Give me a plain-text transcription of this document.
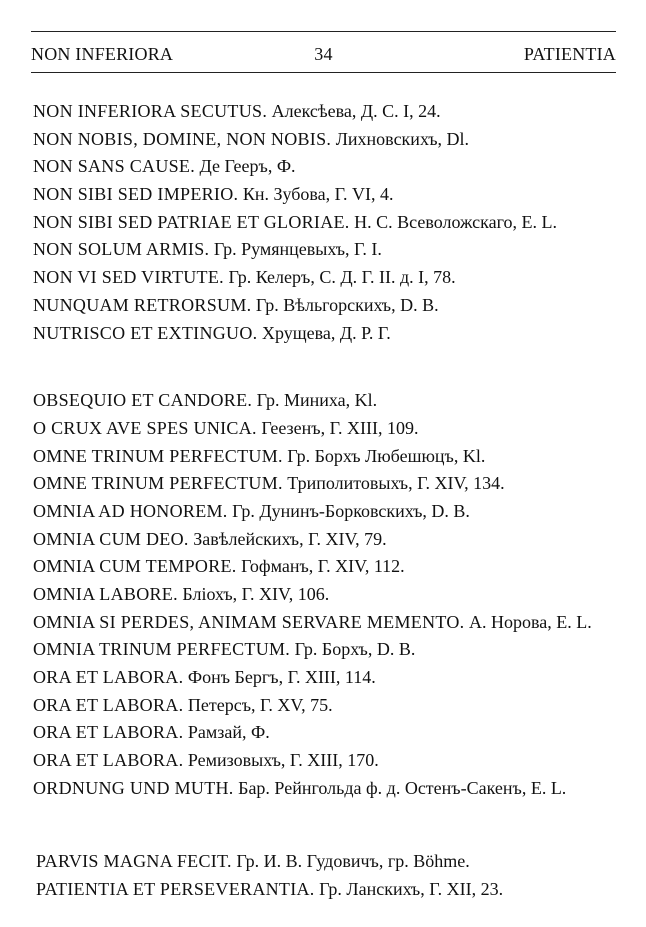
NON INFERIORA	34	PATIENTIA
NON INFERIORA SECUTUS. Алексѣева, Д. С. I, 24.
NON NOBIS, DOMINE, NON NOBIS. Лихновскихъ, Dl.
NON SANS CAUSE. Де Гееръ, Ф.
NON SIBI SED IMPERIO. Кн. Зубова, Г. VI, 4.
NON SIBI SED PATRIAE ET GLORIAE. Н. С. Всеволожскаго, E. L.
NON SOLUM ARMIS. Гр. Румянцевыхъ, Г. I.
NON VI SED VIRTUTE. Гр. Келеръ, С. Д. Г. II. д. I, 78.
NUNQUAM RETRORSUM. Гр. Вѣльгорскихъ, D. B.
NUTRISCO ET EXTINGUO. Хрущева, Д. Р. Г.
OBSEQUIO ET CANDORE. Гр. Миниха, Kl.
O CRUX AVE SPES UNICA. Геезенъ, Г. XIII, 109.
OMNE TRINUM PERFECTUM. Гр. Борхъ Любешюцъ, Kl.
OMNE TRINUM PERFECTUM. Триполитовыхъ, Г. XIV, 134.
OMNIA AD HONOREM. Гр. Дунинъ-Борковскихъ, D. B.
OMNIA CUM DEO. Завѣлейскихъ, Г. XIV, 79.
OMNIA CUM TEMPORE. Гофманъ, Г. XIV, 112.
OMNIA LABORE. Бліохъ, Г. XIV, 106.
OMNIA SI PERDES, ANIMAM SERVARE MEMENTO. А. Норова, E. L.
OMNIA TRINUM PERFECTUM. Гр. Борхъ, D. B.
ORA ET LABORA. Фонъ Бергъ, Г. XIII, 114.
ORA ET LABORA. Петерсъ, Г. XV, 75.
ORA ET LABORA. Рамзай, Ф.
ORA ET LABORA. Ремизовыхъ, Г. XIII, 170.
ORDNUNG UND MUTH. Бар. Рейнгольда ф. д. Остенъ-Сакенъ, E. L.
PARVIS MAGNA FECIT. Гр. И. В. Гудовичъ, гр. Böhme.
PATIENTIA ET PERSEVERANTIA. Гр. Ланскихъ, Г. XII, 23.
